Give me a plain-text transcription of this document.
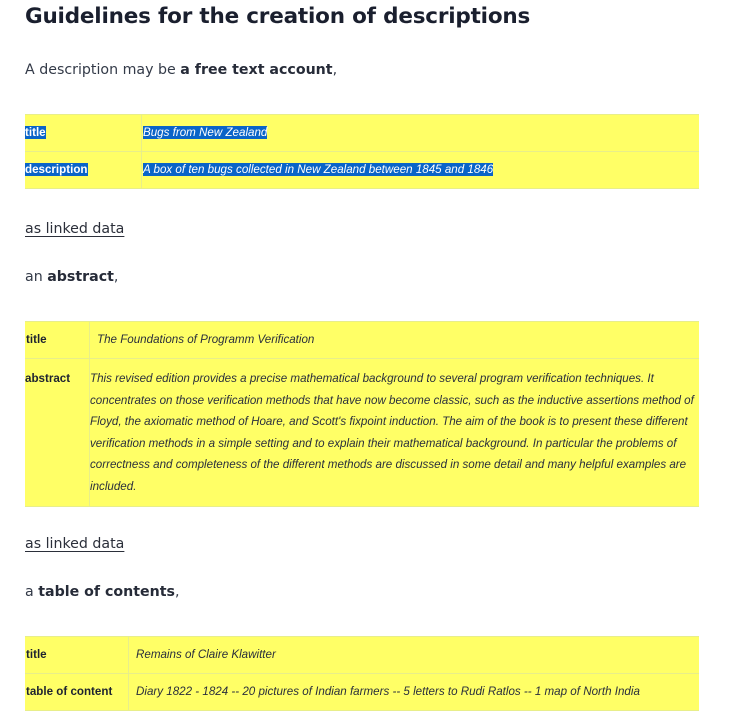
Guidelines for the creation of descriptions

A description may be a free text account,

title	Bugs from New Zealand
description	A box of ten bugs collected in New Zealand between 1845 and 1846
as linked data

an abstract,

title	The Foundations of Programm Verification
abstract	This revised edition provides a precise mathematical background to several program verification techniques. It concentrates on those verification methods that have now become classic, such as the inductive assertions method of Floyd, the axiomatic method of Hoare, and Scott's fixpoint induction. The aim of the book is to present these different verification methods in a simple setting and to explain their mathematical background. In particular the problems of correctness and completeness of the different methods are discussed in some detail and many helpful examples are included.
as linked data

a table of contents,

title	Remains of Claire Klawitter
table of content	Diary 1822 - 1824 -- 20 pictures of Indian farmers -- 5 letters to Rudi Ratlos -- 1 map of North India
